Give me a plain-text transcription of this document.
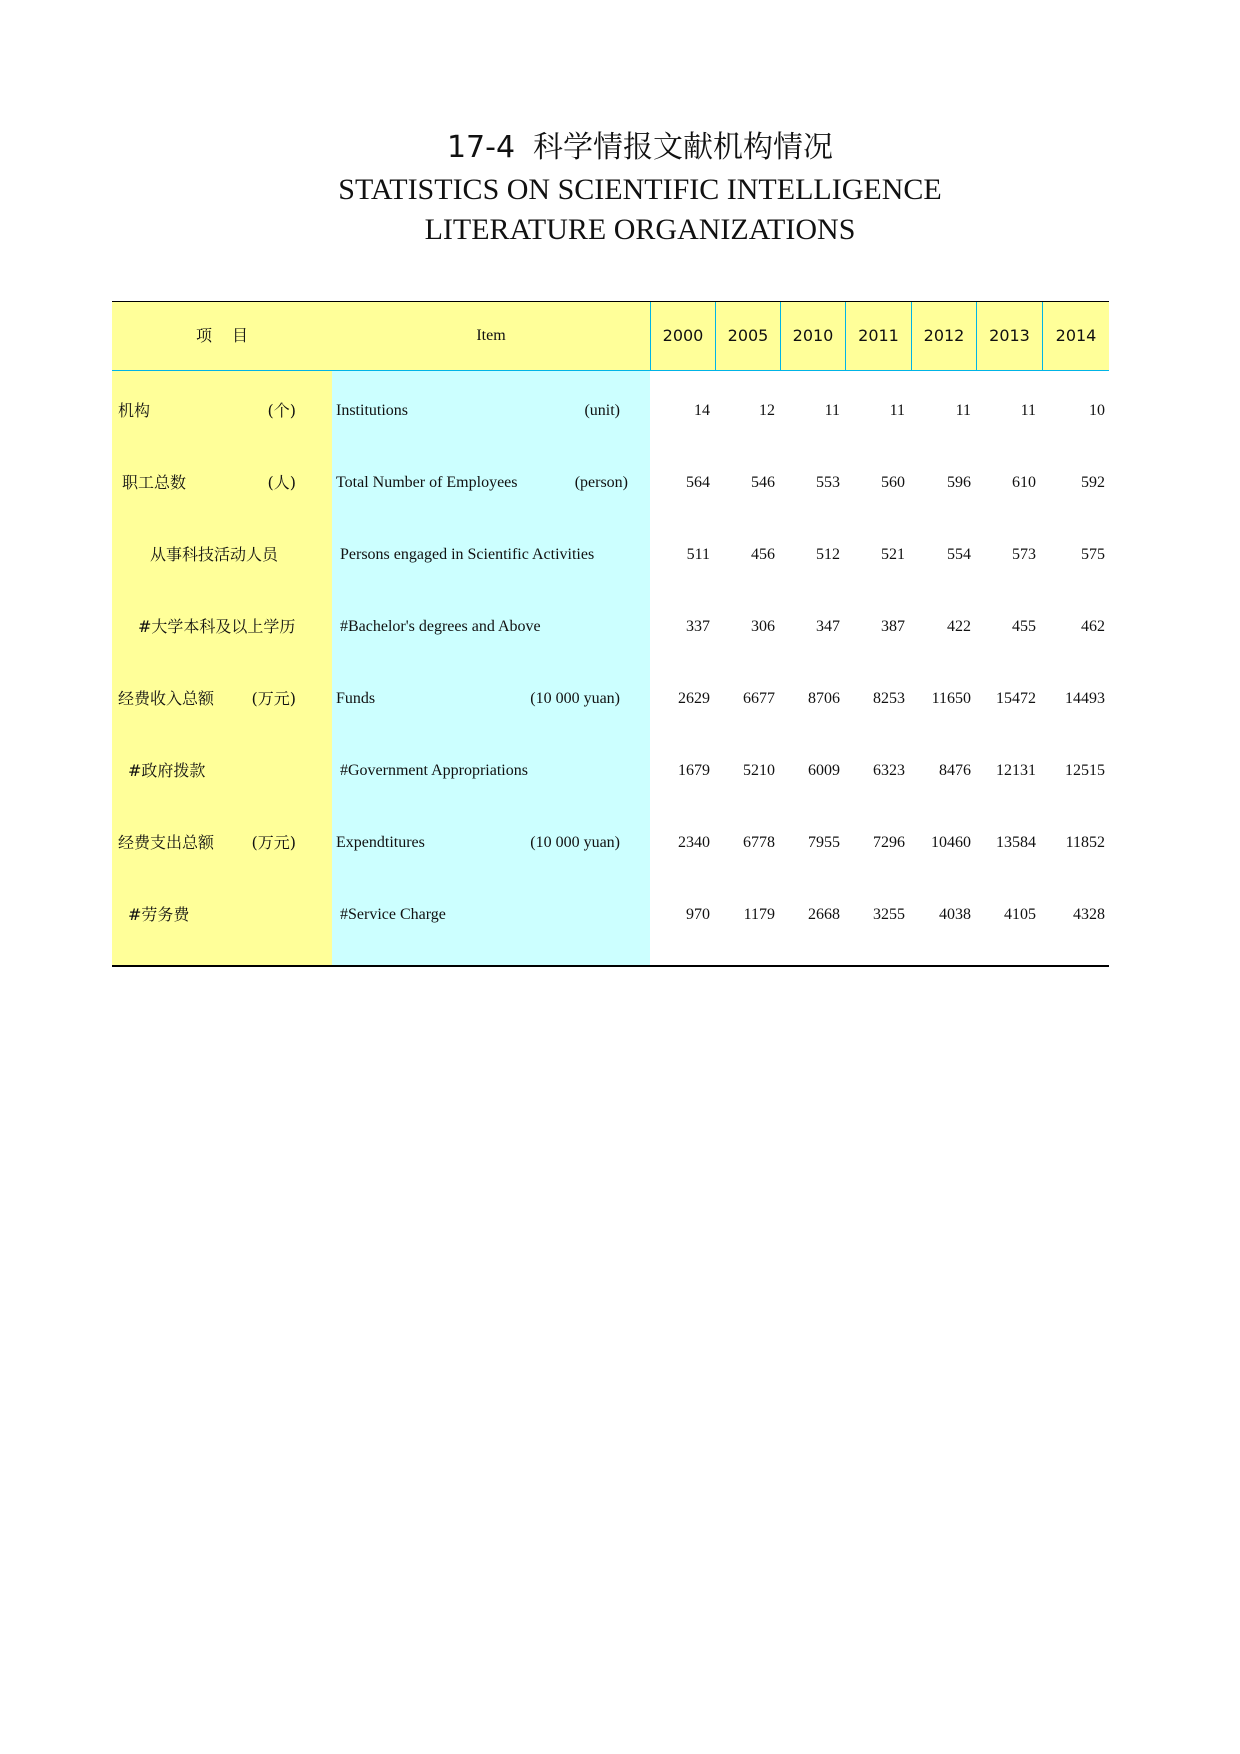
17-4 科学情报文献机构情况
STATISTICS ON SCIENTIFIC INTELLIGENCE
LITERATURE ORGANIZATIONS
项目	Item	2000	2005	2010	2011	2012	2013	2014
机构	(个)	Institutions	(unit)	14	12	11	11	11	11	10
职工总数	(人)	Total Number of Employees	(person)	564	546	553	560	596	610	592
从事科技活动人员	Persons engaged in Scientific Activities	511	456	512	521	554	573	575
#大学本科及以上学历	#Bachelor's degrees and Above	337	306	347	387	422	455	462
经费收入总额 (万元)	Funds	(10 000 yuan)	2629 6677 8706 8253 11650 15472 14493
#政府拨款	#Government Appropriations	1679 5210 6009 6323 8476 12131 12515
经费支出总额 (万元)	Expendtitures	(10 000 yuan)	2340 6778 7955 7296 10460 13584 11852
#劳务费	#Service Charge	970 1179 2668 3255 4038 4105 4328
